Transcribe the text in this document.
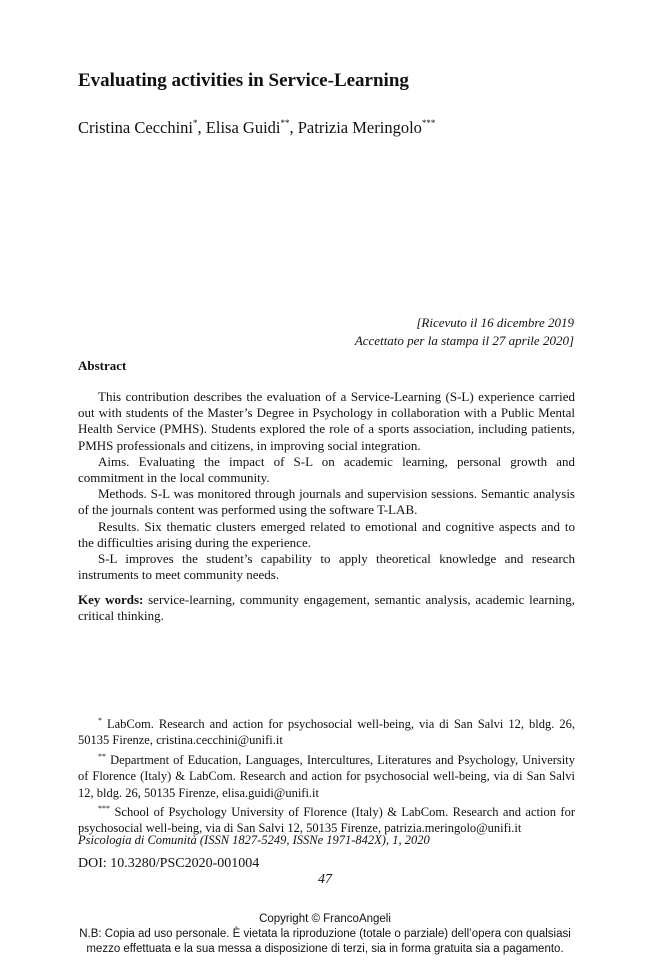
Evaluating activities in Service-Learning
Cristina Cecchini*, Elisa Guidi**, Patrizia Meringolo***
[Ricevuto il 16 dicembre 2019
Accettato per la stampa il 27 aprile 2020]
Abstract

This contribution describes the evaluation of a Service-Learning (S-L) experience carried out with students of the Master’s Degree in Psychology in collaboration with a Public Mental Health Service (PMHS). Students explored the role of a sports association, including patients, PMHS professionals and citizens, in improving social integration.

Aims. Evaluating the impact of S-L on academic learning, personal growth and commitment in the local community.

Methods. S-L was monitored through journals and supervision sessions. Semantic analysis of the journals content was performed using the software T-LAB.

Results. Six thematic clusters emerged related to emotional and cognitive aspects and to the difficulties arising during the experience.

S-L improves the student’s capability to apply theoretical knowledge and research instruments to meet community needs.

Key words: service-learning, community engagement, semantic analysis, academic learning, critical thinking.

* LabCom. Research and action for psychosocial well-being, via di San Salvi 12, bldg. 26, 50135 Firenze, cristina.cecchini@unifi.it

** Department of Education, Languages, Intercultures, Literatures and Psychology, University of Florence (Italy) & LabCom. Research and action for psychosocial well-being, via di San Salvi 12, bldg. 26, 50135 Firenze, elisa.guidi@unifi.it

*** School of Psychology University of Florence (Italy) & LabCom. Research and action for psychosocial well-being, via di San Salvi 12, 50135 Firenze, patrizia.meringolo@unifi.it

Psicologia di Comunità (ISSN 1827-5249, ISSNe 1971-842X), 1, 2020
DOI: 10.3280/PSC2020-001004
47
Copyright © FrancoAngeli
N.B: Copia ad uso personale. È vietata la riproduzione (totale o parziale) dell’opera con qualsiasi
mezzo effettuata e la sua messa a disposizione di terzi, sia in forma gratuita sia a pagamento.
